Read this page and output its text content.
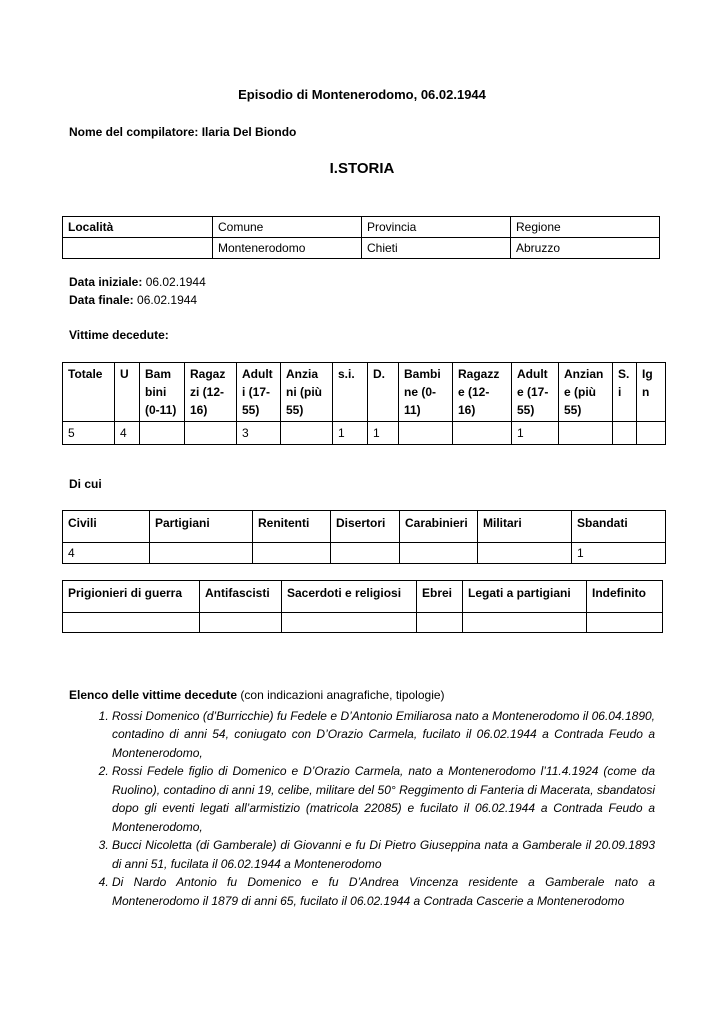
Episodio di Montenerodomo, 06.02.1944
Nome del compilatore: Ilaria Del Biondo
I.STORIA
Località	Comune	Provincia	Regione
	Montenerodomo	Chieti	Abruzzo
Data iniziale: 06.02.1944
Data finale: 06.02.1944
Vittime decedute:
Totale	U	Bam bini (0-11)	Ragaz zi (12-16)	Adult i (17-55)	Anzia ni (più 55)	s.i.	D.	Bambi ne (0-11)	Ragazze (12-16)	Adult e (17-55)	Anzian e (più 55)	S. i	Ig n
5	4			3		1	1			1			
Di cui
Civili	Partigiani	Renitenti	Disertori	Carabinieri	Militari	Sbandati
4						1
Prigionieri di guerra	Antifascisti	Sacerdoti e religiosi	Ebrei	Legati a partigiani	Indefinito

Elenco delle vittime decedute (con indicazioni anagrafiche, tipologie)
1. Rossi Domenico (d’Burricchie) fu Fedele e D’Antonio Emiliarosa nato a Montenerodomo il 06.04.1890, contadino di anni 54, coniugato con D’Orazio Carmela, fucilato il 06.02.1944 a Contrada Feudo a Montenerodomo,
2. Rossi Fedele figlio di Domenico e D’Orazio Carmela, nato a Montenerodomo l’11.4.1924 (come da Ruolino), contadino di anni 19, celibe, militare del 50° Reggimento di Fanteria di Macerata, sbandatosi dopo gli eventi legati all’armistizio (matricola 22085) e fucilato il 06.02.1944 a Contrada Feudo a Montenerodomo,
3. Bucci Nicoletta (di Gamberale) di Giovanni e fu Di Pietro Giuseppina nata a Gamberale il 20.09.1893 di anni 51, fucilata il 06.02.1944 a Montenerodomo
4. Di Nardo Antonio fu Domenico e fu D’Andrea Vincenza residente a Gamberale nato a Montenerodomo il 1879 di anni 65, fucilato il 06.02.1944 a Contrada Cascerie a Montenerodomo
